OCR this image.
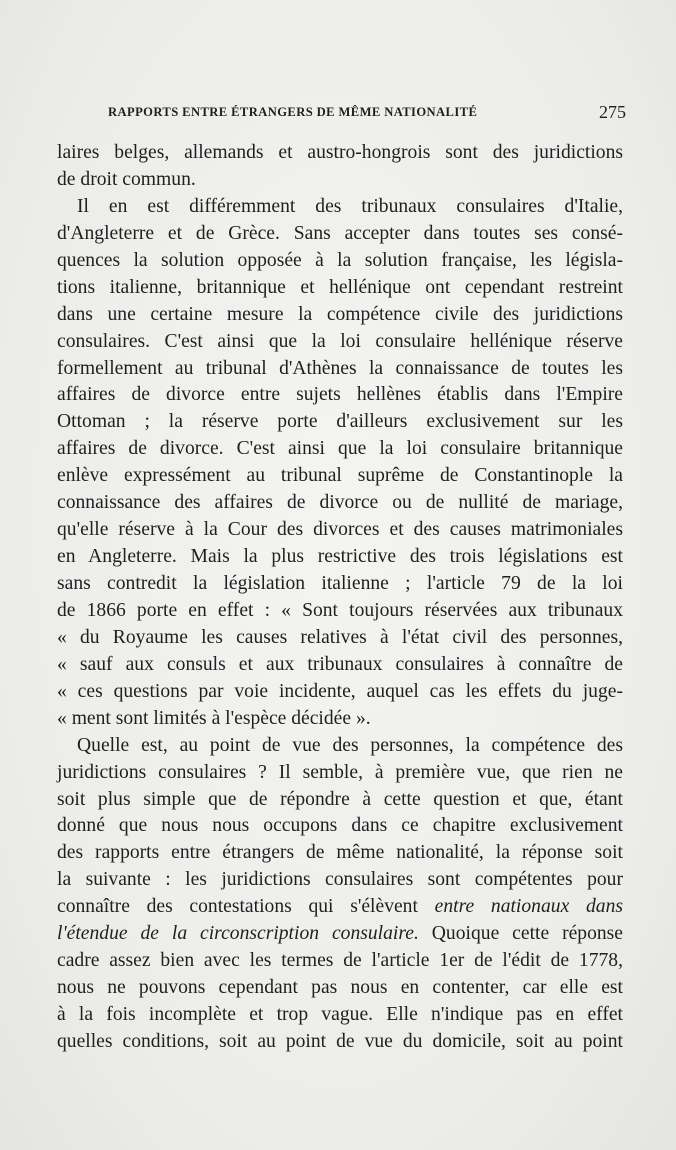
RAPPORTS ENTRE ÉTRANGERS DE MÊME NATIONALITÉ	275
laires belges, allemands et austro-hongrois sont des juridictions
de droit commun.
Il en est différemment des tribunaux consulaires d'Italie,
d'Angleterre et de Grèce. Sans accepter dans toutes ses consé-
quences la solution opposée à la solution française, les législa-
tions italienne, britannique et hellénique ont cependant restreint
dans une certaine mesure la compétence civile des juridictions
consulaires. C'est ainsi que la loi consulaire hellénique réserve
formellement au tribunal d'Athènes la connaissance de toutes les
affaires de divorce entre sujets hellènes établis dans l'Empire
Ottoman ; la réserve porte d'ailleurs exclusivement sur les
affaires de divorce. C'est ainsi que la loi consulaire britannique
enlève expressément au tribunal suprême de Constantinople la
connaissance des affaires de divorce ou de nullité de mariage,
qu'elle réserve à la Cour des divorces et des causes matrimoniales
en Angleterre. Mais la plus restrictive des trois législations est
sans contredit la législation italienne ; l'article 79 de la loi
de 1866 porte en effet : « Sont toujours réservées aux tribunaux
« du Royaume les causes relatives à l'état civil des personnes,
« sauf aux consuls et aux tribunaux consulaires à connaître de
« ces questions par voie incidente, auquel cas les effets du juge-
« ment sont limités à l'espèce décidée ».
Quelle est, au point de vue des personnes, la compétence des
juridictions consulaires ? Il semble, à première vue, que rien ne
soit plus simple que de répondre à cette question et que, étant
donné que nous nous occupons dans ce chapitre exclusivement
des rapports entre étrangers de même nationalité, la réponse soit
la suivante : les juridictions consulaires sont compétentes pour
connaître des contestations qui s'élèvent entre nationaux dans
l'étendue de la circonscription consulaire. Quoique cette réponse
cadre assez bien avec les termes de l'article 1er de l'édit de 1778,
nous ne pouvons cependant pas nous en contenter, car elle est
à la fois incomplète et trop vague. Elle n'indique pas en effet
quelles conditions, soit au point de vue du domicile, soit au point
